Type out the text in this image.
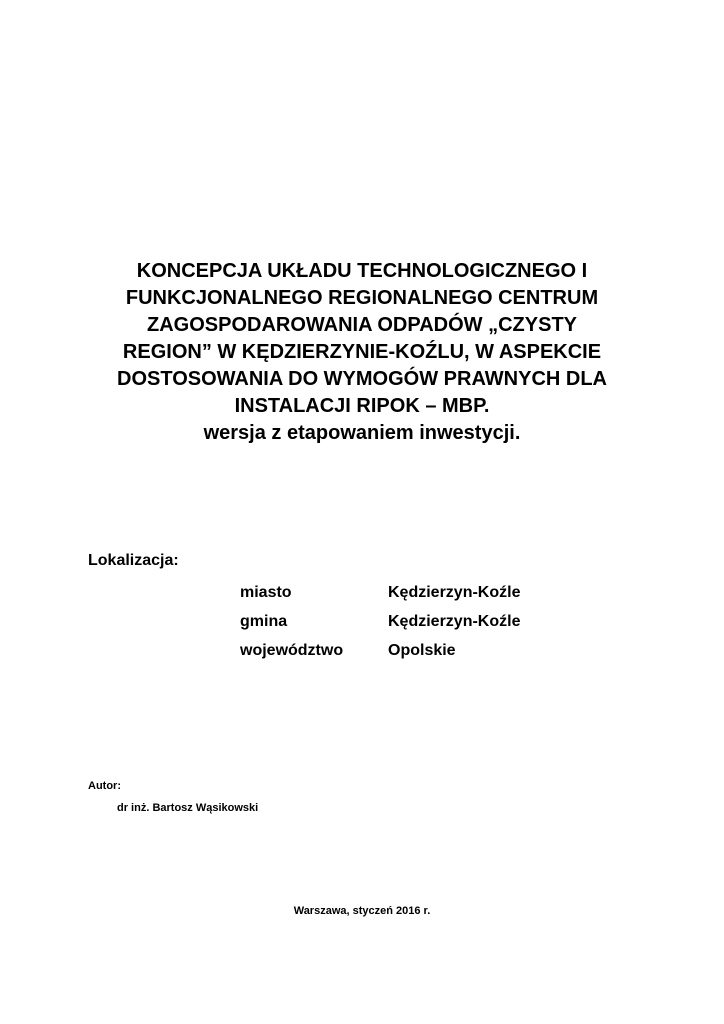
KONCEPCJA UKŁADU TECHNOLOGICZNEGO I
FUNKCJONALNEGO REGIONALNEGO CENTRUM
ZAGOSPODAROWANIA ODPADÓW „CZYSTY
REGION” W KĘDZIERZYNIE-KOŹLU, W ASPEKCIE
DOSTOSOWANIA DO WYMOGÓW PRAWNYCH DLA
INSTALACJI RIPOK – MBP.
wersja z etapowaniem inwestycji.
Lokalizacja:
miasto	Kędzierzyn-Koźle
gmina	Kędzierzyn-Koźle
województwo	Opolskie
Autor:
dr inż. Bartosz Wąsikowski
Warszawa, styczeń 2016 r.
